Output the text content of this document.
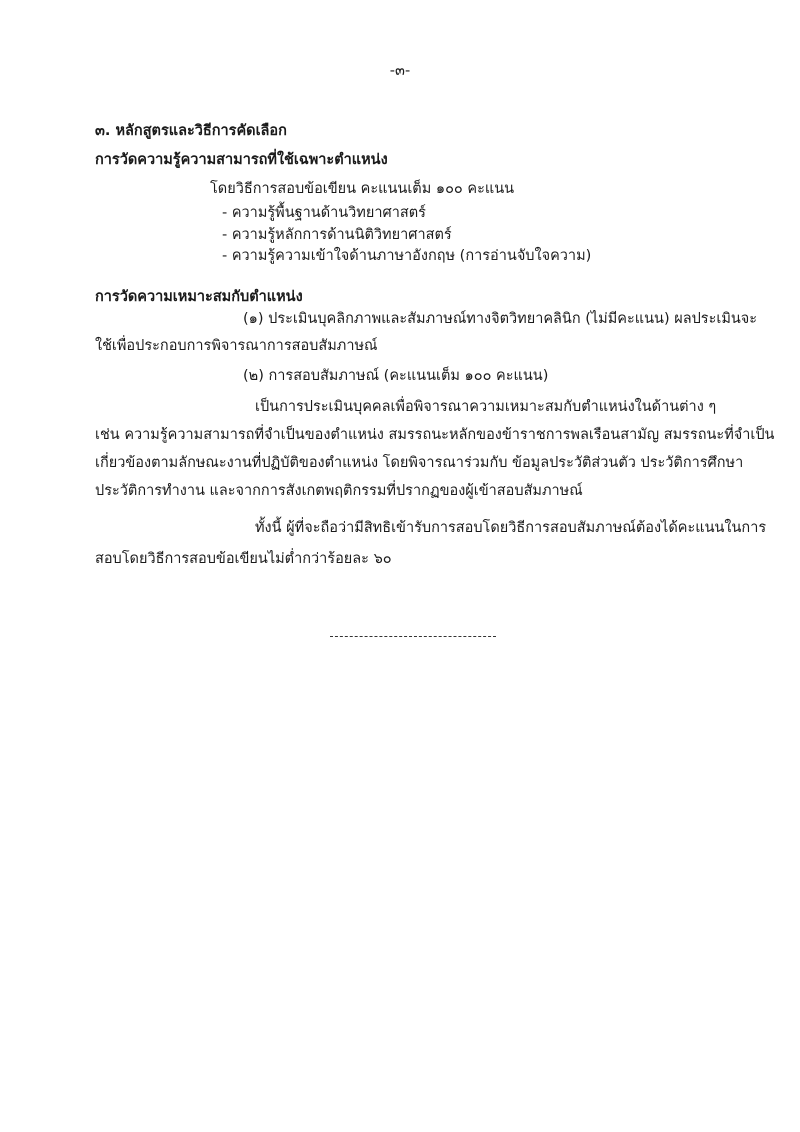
-๓-
๓. หลักสูตรและวิธีการคัดเลือก
การวัดความรู้ความสามารถที่ใช้เฉพาะตำแหน่ง
โดยวิธีการสอบข้อเขียน คะแนนเต็ม ๑๐๐ คะแนน
- ความรู้พื้นฐานด้านวิทยาศาสตร์
- ความรู้หลักการด้านนิติวิทยาศาสตร์
- ความรู้ความเข้าใจด้านภาษาอังกฤษ (การอ่านจับใจความ)
การวัดความเหมาะสมกับตำแหน่ง
(๑) ประเมินบุคลิกภาพและสัมภาษณ์ทางจิตวิทยาคลินิก (ไม่มีคะแนน) ผลประเมินจะ
ใช้เพื่อประกอบการพิจารณาการสอบสัมภาษณ์
(๒) การสอบสัมภาษณ์ (คะแนนเต็ม ๑๐๐ คะแนน)
เป็นการประเมินบุคคลเพื่อพิจารณาความเหมาะสมกับตำแหน่งในด้านต่าง ๆ
เช่น ความรู้ความสามารถที่จำเป็นของตำแหน่ง สมรรถนะหลักของข้าราชการพลเรือนสามัญ สมรรถนะที่จำเป็น
เกี่ยวข้องตามลักษณะงานที่ปฏิบัติของตำแหน่ง โดยพิจารณาร่วมกับ ข้อมูลประวัติส่วนตัว ประวัติการศึกษา
ประวัติการทำงาน และจากการสังเกตพฤติกรรมที่ปรากฏของผู้เข้าสอบสัมภาษณ์
ทั้งนี้ ผู้ที่จะถือว่ามีสิทธิเข้ารับการสอบโดยวิธีการสอบสัมภาษณ์ต้องได้คะแนนในการ
สอบโดยวิธีการสอบข้อเขียนไม่ต่ำกว่าร้อยละ ๖๐
